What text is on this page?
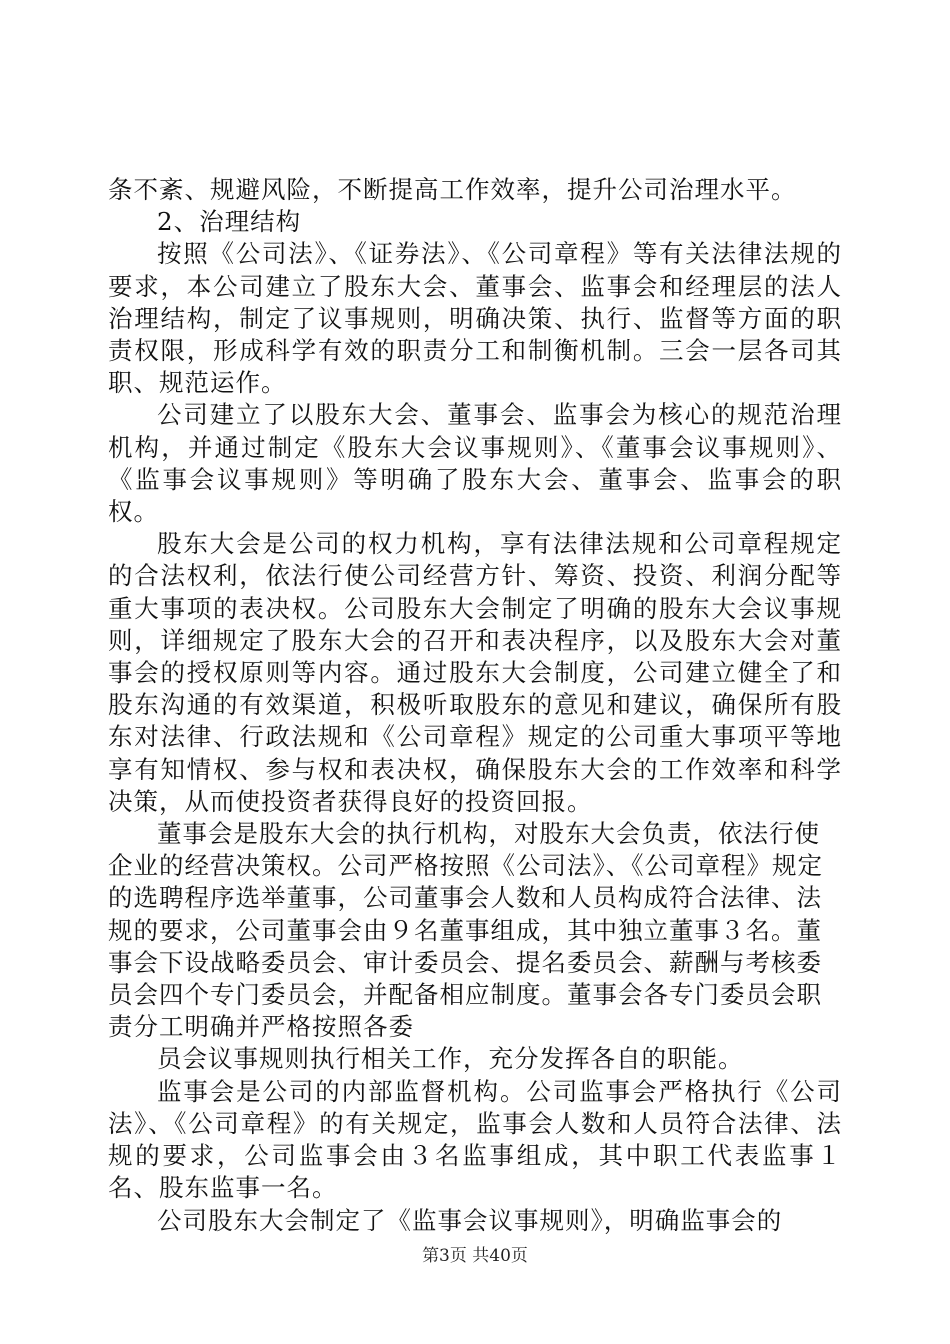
条不紊、规避风险，不断提高工作效率，提升公司治理水平。

2、治理结构

按照《公司法》、《证券法》、《公司章程》等有关法律法规的要求，本公司建立了股东大会、董事会、监事会和经理层的法人治理结构，制定了议事规则，明确决策、执行、监督等方面的职责权限，形成科学有效的职责分工和制衡机制。三会一层各司其职、规范运作。

公司建立了以股东大会、董事会、监事会为核心的规范治理机构，并通过制定《股东大会议事规则》、《董事会议事规则》、《监事会议事规则》等明确了股东大会、董事会、监事会的职权。

股东大会是公司的权力机构，享有法律法规和公司章程规定的合法权利，依法行使公司经营方针、筹资、投资、利润分配等重大事项的表决权。公司股东大会制定了明确的股东大会议事规则，详细规定了股东大会的召开和表决程序，以及股东大会对董事会的授权原则等内容。通过股东大会制度，公司建立健全了和股东沟通的有效渠道，积极听取股东的意见和建议，确保所有股东对法律、行政法规和《公司章程》规定的公司重大事项平等地享有知情权、参与权和表决权，确保股东大会的工作效率和科学决策，从而使投资者获得良好的投资回报。

董事会是股东大会的执行机构，对股东大会负责，依法行使企业的经营决策权。公司严格按照《公司法》、《公司章程》规定的选聘程序选举董事，公司董事会人数和人员构成符合法律、法规的要求，公司董事会由９名董事组成，其中独立董事３名。董事会下设战略委员会、审计委员会、提名委员会、薪酬与考核委员会四个专门委员会，并配备相应制度。董事会各专门委员会职责分工明确并严格按照各委

员会议事规则执行相关工作，充分发挥各自的职能。

监事会是公司的内部监督机构。公司监事会严格执行《公司法》、《公司章程》的有关规定，监事会人数和人员符合法律、法规的要求，公司监事会由３名监事组成，其中职工代表监事１名、股东监事一名。

公司股东大会制定了《监事会议事规则》，明确监事会的

第3页 共40页
